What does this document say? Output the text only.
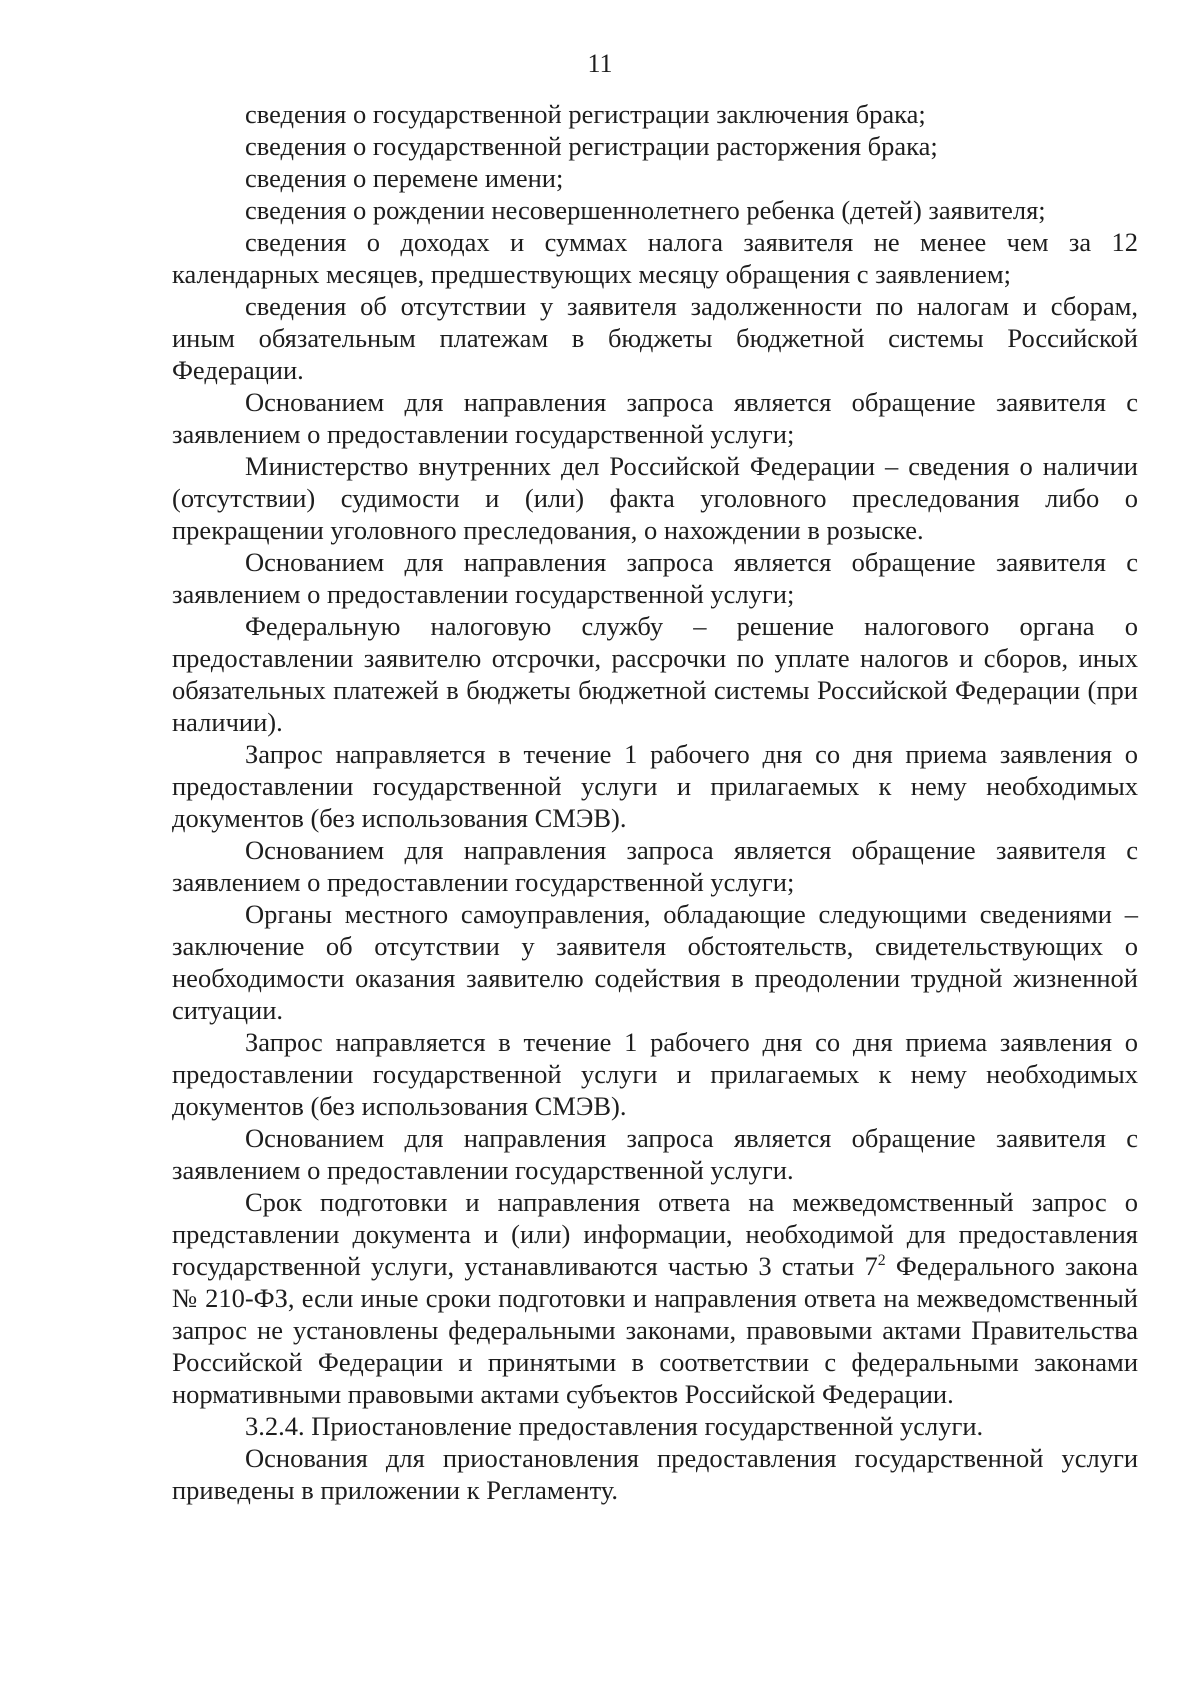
11

сведения о государственной регистрации заключения брака;

сведения о государственной регистрации расторжения брака;

сведения о перемене имени;

сведения о рождении несовершеннолетнего ребенка (детей) заявителя;

сведения о доходах и суммах налога заявителя не менее чем за 12 календарных месяцев, предшествующих месяцу обращения с заявлением;

сведения об отсутствии у заявителя задолженности по налогам и сборам, иным обязательным платежам в бюджеты бюджетной системы Российской Федерации.

Основанием для направления запроса является обращение заявителя с заявлением о предоставлении государственной услуги;

Министерство внутренних дел Российской Федерации – сведения о наличии (отсутствии) судимости и (или) факта уголовного преследования либо о прекращении уголовного преследования, о нахождении в розыске.

Основанием для направления запроса является обращение заявителя с заявлением о предоставлении государственной услуги;

Федеральную налоговую службу – решение налогового органа о предоставлении заявителю отсрочки, рассрочки по уплате налогов и сборов, иных обязательных платежей в бюджеты бюджетной системы Российской Федерации (при наличии).

Запрос направляется в течение 1 рабочего дня со дня приема заявления о предоставлении государственной услуги и прилагаемых к нему необходимых документов (без использования СМЭВ).

Основанием для направления запроса является обращение заявителя с заявлением о предоставлении государственной услуги;

Органы местного самоуправления, обладающие следующими сведениями – заключение об отсутствии у заявителя обстоятельств, свидетельствующих о необходимости оказания заявителю содействия в преодолении трудной жизненной ситуации.

Запрос направляется в течение 1 рабочего дня со дня приема заявления о предоставлении государственной услуги и прилагаемых к нему необходимых документов (без использования СМЭВ).

Основанием для направления запроса является обращение заявителя с заявлением о предоставлении государственной услуги.

Срок подготовки и направления ответа на межведомственный запрос о представлении документа и (или) информации, необходимой для предоставления государственной услуги, устанавливаются частью 3 статьи $7^2$ Федерального закона № 210-ФЗ, если иные сроки подготовки и направления ответа на межведомственный запрос не установлены федеральными законами, правовыми актами Правительства Российской Федерации и принятыми в соответствии с федеральными законами нормативными правовыми актами субъектов Российской Федерации.

3.2.4. Приостановление предоставления государственной услуги.

Основания для приостановления предоставления государственной услуги приведены в приложении к Регламенту.
